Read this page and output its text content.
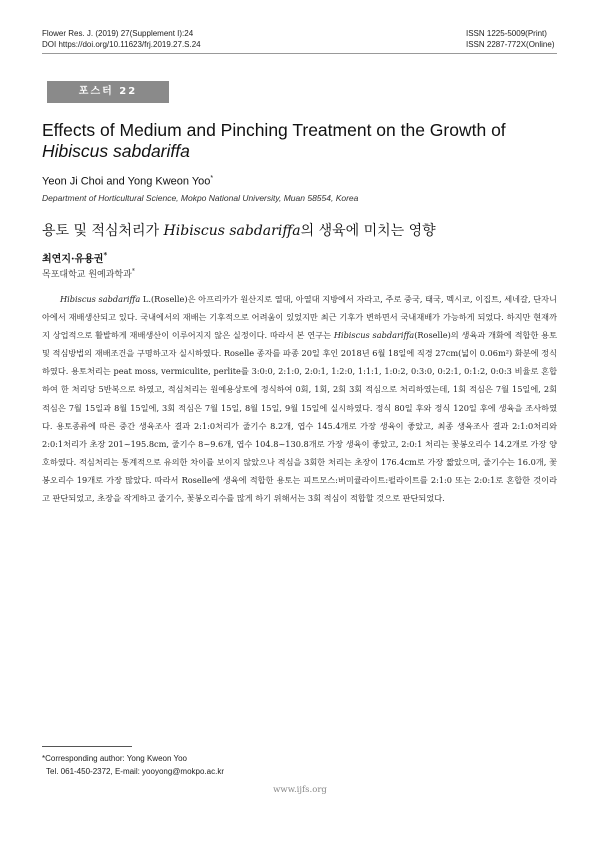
Flower Res. J. (2019) 27(Supplement I):24
DOI https://doi.org/10.11623/frj.2019.27.S.24
ISSN 1225-5009(Print)
ISSN 2287-772X(Online)
포스터 22
Effects of Medium and Pinching Treatment on the Growth of
Hibiscus sabdariffa
Yeon Ji Choi and Yong Kweon Yoo*
Department of Horticultural Science, Mokpo National University, Muan 58554, Korea
용토 및 적심처리가 Hibiscus sabdariffa의 생육에 미치는 영향
최연지·유용권*
목포대학교 원예과학과*

Hibiscus sabdariffa L.(Roselle)은 아프리카가 원산지로 열대, 아열대 지방에서 자라고, 주로 중국, 태국, 멕시코, 이집트, 세네갈, 단자니아에서 재배생산되고 있다. 국내에서의 재배는 기후적으로 어려움이 있었지만 최근 기후가 변하면서 국내재배가 가능하게 되었다. 하지만 현재까지 상업적으로 활발하게 재배생산이 이루어지지 않은 실정이다. 따라서 본 연구는 Hibiscus sabdariffa(Roselle)의 생육과 개화에 적합한 용토 및 적심방법의 재배조건을 구명하고자 실시하였다. Roselle 종자를 파종 20일 후인 2018년 6월 18일에 직경 27cm(넓이 0.06m²) 화분에 정식하였다. 용토처리는 peat moss, vermiculite, perlite를 3:0:0, 2:1:0, 2:0:1, 1:2:0, 1:1:1, 1:0:2, 0:3:0, 0:2:1, 0:1:2, 0:0:3 비율로 혼합하여 한 처리당 5반복으로 하였고, 적심처리는 원예용상토에 정식하여 0회, 1회, 2회 3회 적심으로 처리하였는데, 1회 적심은 7월 15일에, 2회 적심은 7월 15일과 8월 15일에, 3회 적심은 7월 15일, 8월 15일, 9월 15일에 실시하였다. 정식 80일 후와 정식 120일 후에 생육을 조사하였다. 용토종류에 따른 중간 생육조사 결과 2:1:0처리가 줄기수 8.2개, 엽수 145.4개로 가장 생육이 좋았고, 최종 생육조사 결과 2:1:0처리와 2:0:1처리가 초장 201~195.8cm, 줄기수 8~9.6개, 엽수 104.8~130.8개로 가장 생육이 좋았고, 2:0:1 처리는 꽃봉오리수 14.2개로 가장 양호하였다. 적심처리는 통계적으로 유의한 차이를 보이지 않았으나 적심을 3회한 처리는 초장이 176.4cm로 가장 짧았으며, 줄기수는 16.0개, 꽃봉오리수 19개로 가장 많았다. 따라서 Roselle에 생육에 적합한 용토는 피트모스:버미큘라이트:펄라이트를 2:1:0 또는 2:0:1로 혼합한 것이라고 판단되었고, 초장을 작게하고 줄기수, 꽃봉오리수를 많게 하기 위해서는 3회 적심이 적합할 것으로 판단되었다.

*Corresponding author: Yong Kweon Yoo
Tel. 061-450-2372, E-mail: yooyong@mokpo.ac.kr
www.ijfs.org
